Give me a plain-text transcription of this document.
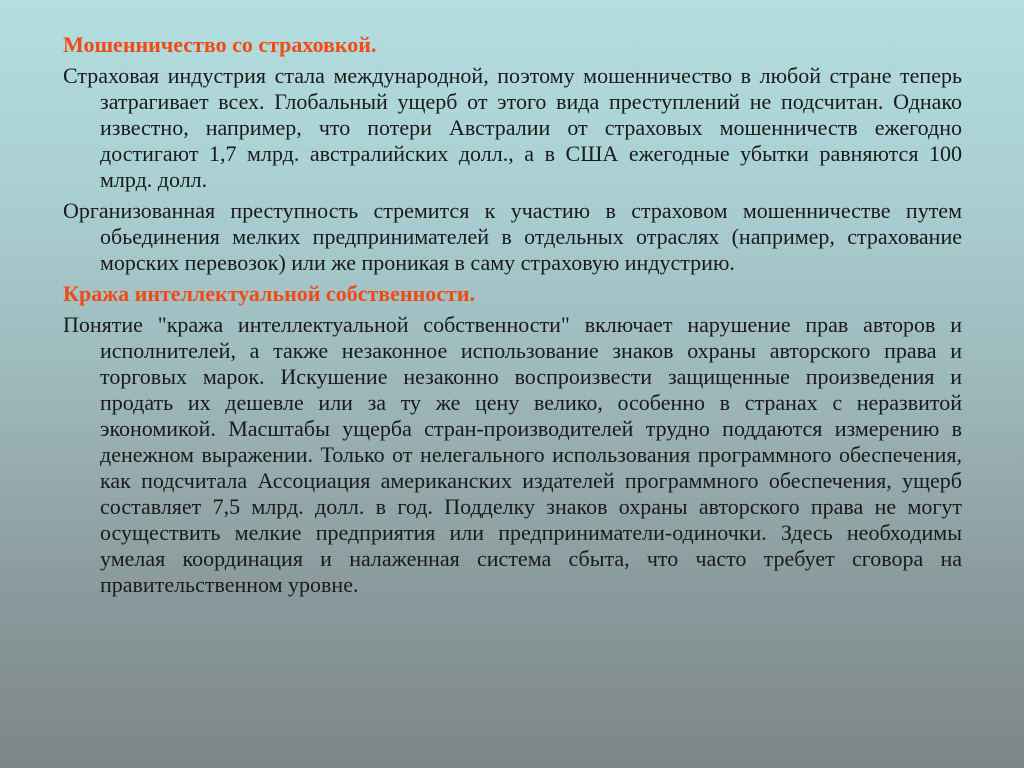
Мошенничество со страховкой.
Страховая индустрия стала международной, поэтому мошенничество в любой стране теперь затрагивает всех. Глобальный ущерб от этого вида преступлений не подсчитан. Однако известно, например, что потери Австралии от страховых мошенничеств ежегодно достигают 1,7 млрд. австралийских долл., а в США ежегодные убытки равняются 100 млрд. долл.
Организованная преступность стремится к участию в страховом мошенничестве путем обьединения мелких предпринимателей в отдельных отраслях (например, страхование морских перевозок) или же проникая в саму страховую индустрию.
Кража интеллектуальной собственности.
Понятие "кража интеллектуальной собственности" включает нарушение прав авторов и исполнителей, а также незаконное использование знаков охраны авторского права и торговых марок. Искушение незаконно воспроизвести защищенные произведения и продать их дешевле или за ту же цену велико, особенно в странах с неразвитой экономикой. Масштабы ущерба стран-производителей трудно поддаются измерению в денежном выражении. Только от нелегального использования программного обеспечения, как подсчитала Ассоциация американских издателей программного обеспечения, ущерб составляет 7,5 млрд. долл. в год. Подделку знаков охраны авторского права не могут осуществить мелкие предприятия или предприниматели-одиночки. Здесь необходимы умелая координация и налаженная система сбыта, что часто требует сговора на правительственном уровне.
